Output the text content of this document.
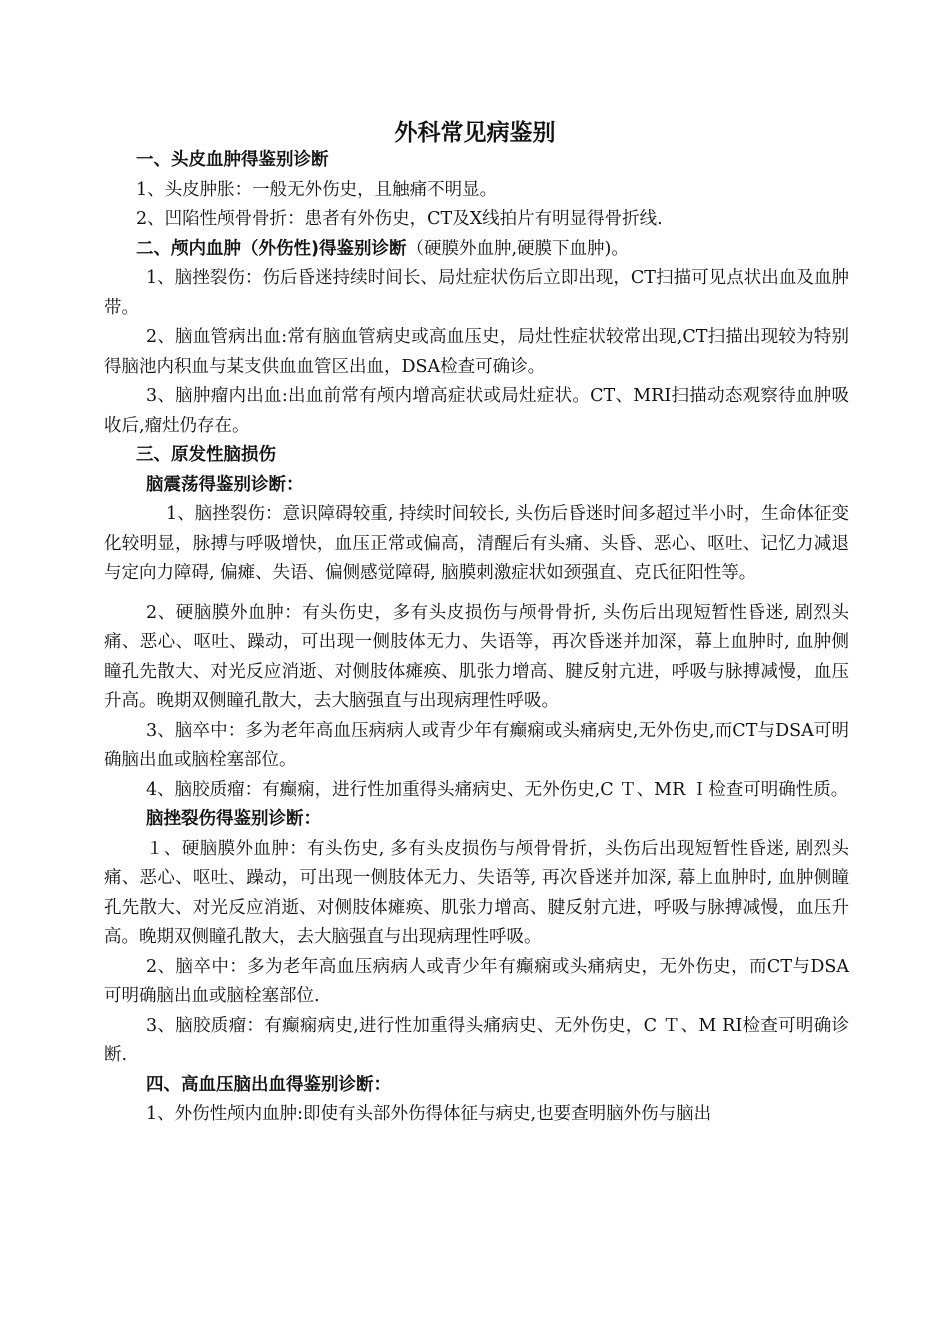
外科常见病鉴别

一、头皮血肿得鉴别诊断

1、头皮肿胀：一般无外伤史，且触痛不明显。

2、凹陷性颅骨骨折：患者有外伤史，CT及X线拍片有明显得骨折线.

二、颅内血肿（外伤性)得鉴别诊断（硬膜外血肿,硬膜下血肿)。

1、脑挫裂伤：伤后昏迷持续时间长、局灶症状伤后立即出现，CT扫描可见点状出血及血肿带。

2、脑血管病出血:常有脑血管病史或高血压史，局灶性症状较常出现,CT扫描出现较为特别得脑池内积血与某支供血血管区出血，DSA检查可确诊。

3、脑肿瘤内出血:出血前常有颅内增高症状或局灶症状。CT、MRI扫描动态观察待血肿吸收后,瘤灶仍存在。

三、原发性脑损伤

脑震荡得鉴别诊断：

1、脑挫裂伤：意识障碍较重, 持续时间较长, 头伤后昏迷时间多超过半小时，生命体征变化较明显，脉搏与呼吸增快，血压正常或偏高，清醒后有头痛、头昏、恶心、呕吐、记忆力减退与定向力障碍, 偏瘫、失语、偏侧感觉障碍, 脑膜刺激症状如颈强直、克氏征阳性等。

2、硬脑膜外血肿：有头伤史，多有头皮损伤与颅骨骨折, 头伤后出现短暂性昏迷, 剧烈头痛、恶心、呕吐、躁动，可出现一侧肢体无力、失语等，再次昏迷并加深，幕上血肿时, 血肿侧瞳孔先散大、对光反应消逝、对侧肢体瘫痪、肌张力增高、腱反射亢进，呼吸与脉搏减慢，血压升高。晚期双侧瞳孔散大，去大脑强直与出现病理性呼吸。

3、脑卒中：多为老年高血压病病人或青少年有癫痫或头痛病史,无外伤史,而CT与DSA可明确脑出血或脑栓塞部位。

4、脑胶质瘤：有癫痫，进行性加重得头痛病史、无外伤史,C Ｔ、MR Ｉ检查可明确性质。

脑挫裂伤得鉴别诊断：

１、硬脑膜外血肿：有头伤史, 多有头皮损伤与颅骨骨折，头伤后出现短暂性昏迷, 剧烈头痛、恶心、呕吐、躁动，可出现一侧肢体无力、失语等, 再次昏迷并加深, 幕上血肿时, 血肿侧瞳孔先散大、对光反应消逝、对侧肢体瘫痪、肌张力增高、腱反射亢进，呼吸与脉搏减慢，血压升高。晚期双侧瞳孔散大，去大脑强直与出现病理性呼吸。

2、脑卒中：多为老年高血压病病人或青少年有癫痫或头痛病史，无外伤史，而CT与DSA可明确脑出血或脑栓塞部位.

3、脑胶质瘤：有癫痫病史,进行性加重得头痛病史、无外伤史，C Ｔ、M RI检查可明确诊断.

四、高血压脑出血得鉴别诊断：

1、外伤性颅内血肿:即使有头部外伤得体征与病史,也要查明脑外伤与脑出
